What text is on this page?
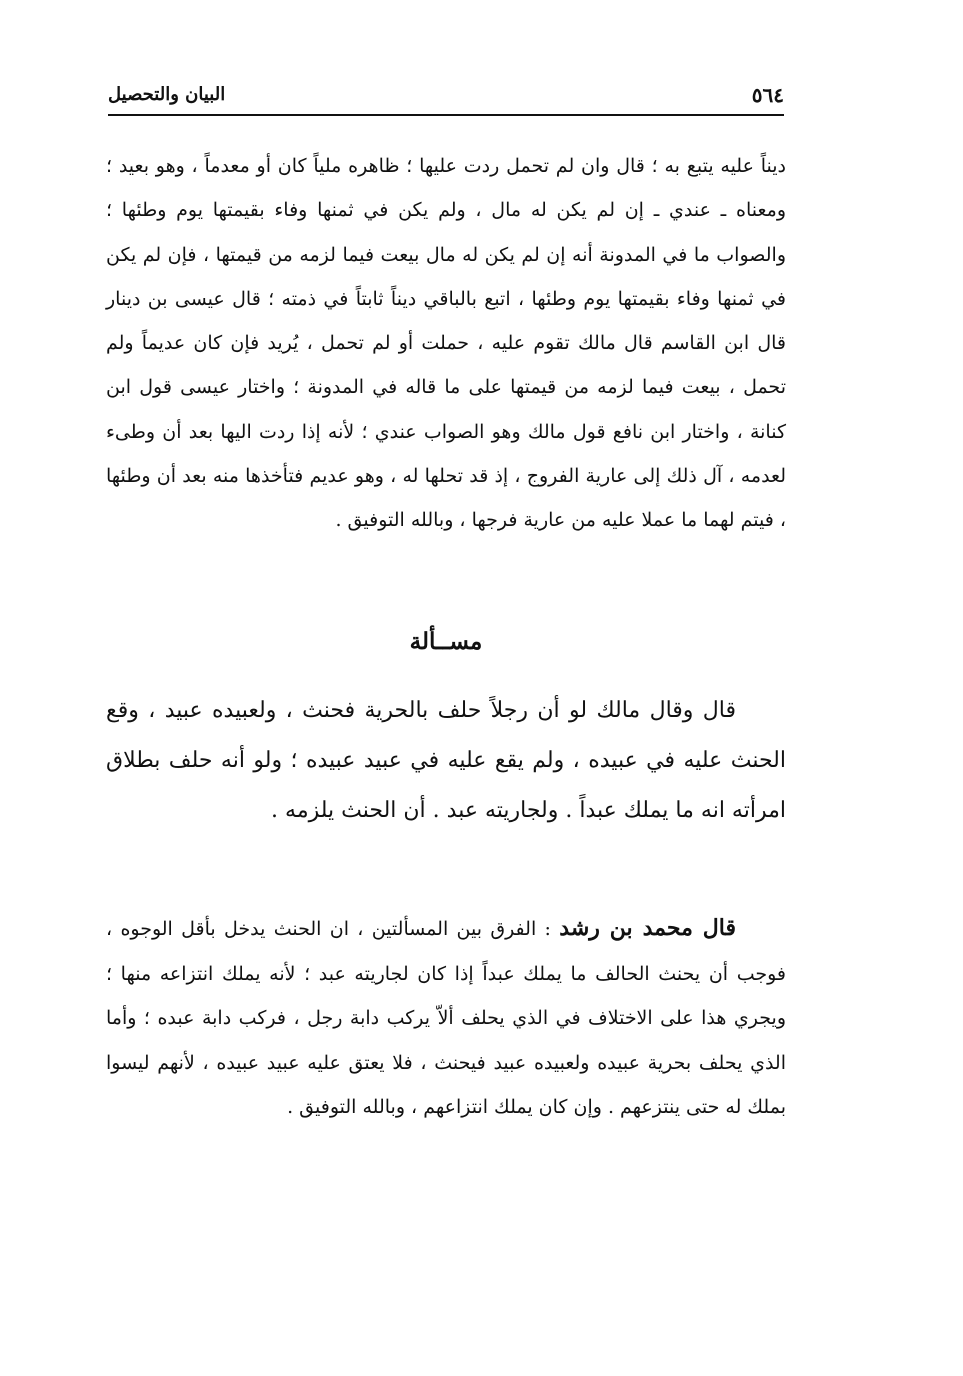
٥٦٤
البيان والتحصيل

ديناً عليه يتبع به ؛ قال وان لم تحمل ردت عليها ؛ ظاهره ملياً كان أو معدماً ، وهو بعيد ؛ ومعناه ـ عندي ـ إن لم يكن له مال ، ولم يكن في ثمنها وفاء بقيمتها يوم وطئها ؛ والصواب ما في المدونة أنه إن لم يكن له مال بيعت فيما لزمه من قيمتها ، فإن لم يكن في ثمنها وفاء بقيمتها يوم وطئها ، اتبع بالباقي ديناً ثابتاً في ذمته ؛ قال عيسى بن دينار قال ابن القاسم قال مالك تقوم عليه ، حملت أو لم تحمل ، يُريد فإن كان عديماً ولم تحمل ، بيعت فيما لزمه من قيمتها على ما قاله في المدونة ؛ واختار عيسى قول ابن كنانة ، واختار ابن نافع قول مالك وهو الصواب عندي ؛ لأنه إذا ردت اليها بعد أن وطىء لعدمه ، آل ذلك إلى عارية الفروج ، إذ قد تحلها له ، وهو عديم فتأخذها منه بعد أن وطئها ، فيتم لهما ما عملا عليه من عارية فرجها ، وبالله التوفيق .

مســألة

قال وقال مالك لو أن رجلاً حلف بالحرية فحنث ، ولعبيده عبيد ، وقع الحنث عليه في عبيده ، ولم يقع عليه في عبيد عبيده ؛ ولو أنه حلف بطلاق امرأته انه ما يملك عبداً . ولجاريته عبد . أن الحنث يلزمه .

قال محمد بن رشد : الفرق بين المسألتين ، ان الحنث يدخل بأقل الوجوه ، فوجب أن يحنث الحالف ما يملك عبداً إذا كان لجاريته عبد ؛ لأنه يملك انتزاعه منها ؛ ويجري هذا على الاختلاف في الذي يحلف ألاّ يركب دابة رجل ، فركب دابة عبده ؛ وأما الذي يحلف بحرية عبيده ولعبيده عبيد فيحنث ، فلا يعتق عليه عبيد عبيده ، لأنهم ليسوا بملك له حتى ينتزعهم . وإن كان يملك انتزاعهم ، وبالله التوفيق .
